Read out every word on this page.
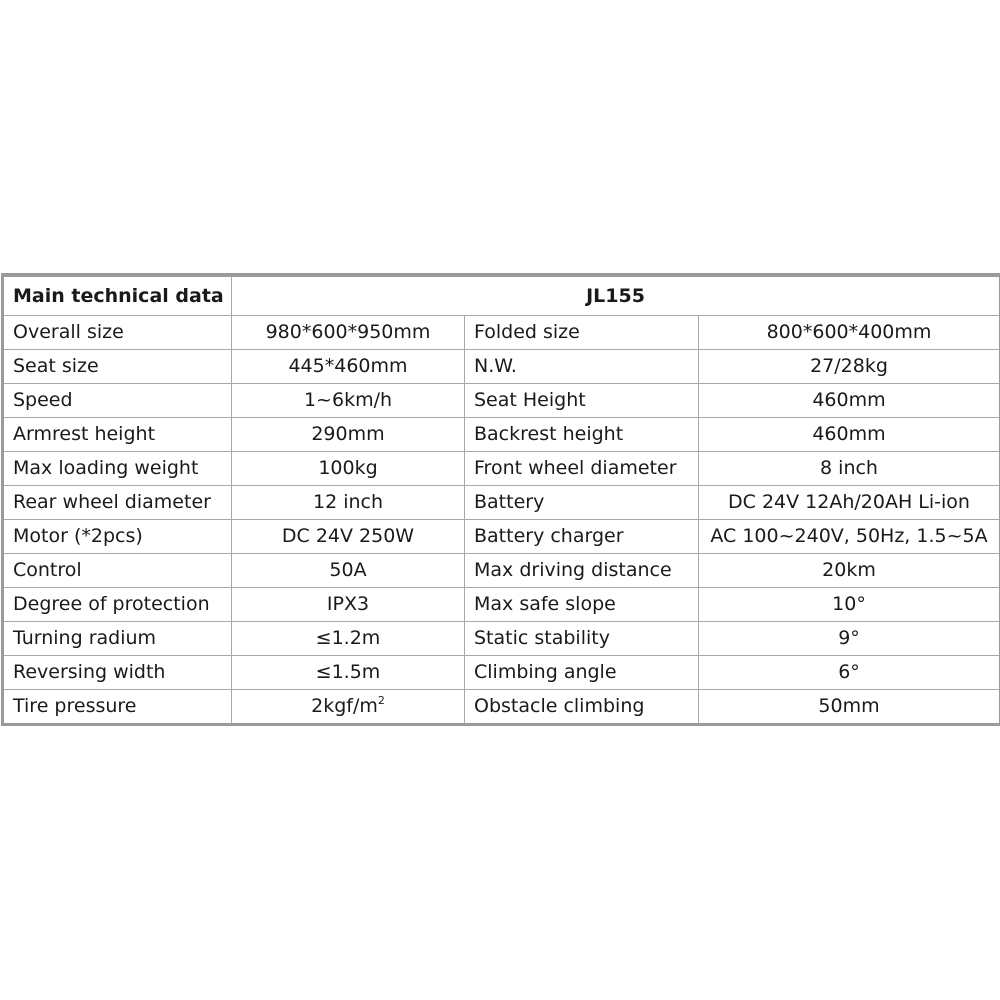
Main technical data	JL155		
Overall size	980*600*950mm	Folded size	800*600*400mm
Seat size	445*460mm	N.W.	27/28kg
Speed	1~6km/h	Seat Height	460mm
Armrest height	290mm	Backrest height	460mm
Max loading weight	100kg	Front wheel diameter	8 inch
Rear wheel diameter	12 inch	Battery	DC 24V 12Ah/20AH Li-ion
Motor (*2pcs)	DC 24V 250W	Battery charger	AC 100~240V, 50Hz, 1.5~5A
Control	50A	Max driving distance	20km
Degree of protection	IPX3	Max safe slope	10°
Turning radium	≤1.2m	Static stability	9°
Reversing width	≤1.5m	Climbing angle	6°
Tire pressure	$2kgf/m^2$	Obstacle climbing	50mm
